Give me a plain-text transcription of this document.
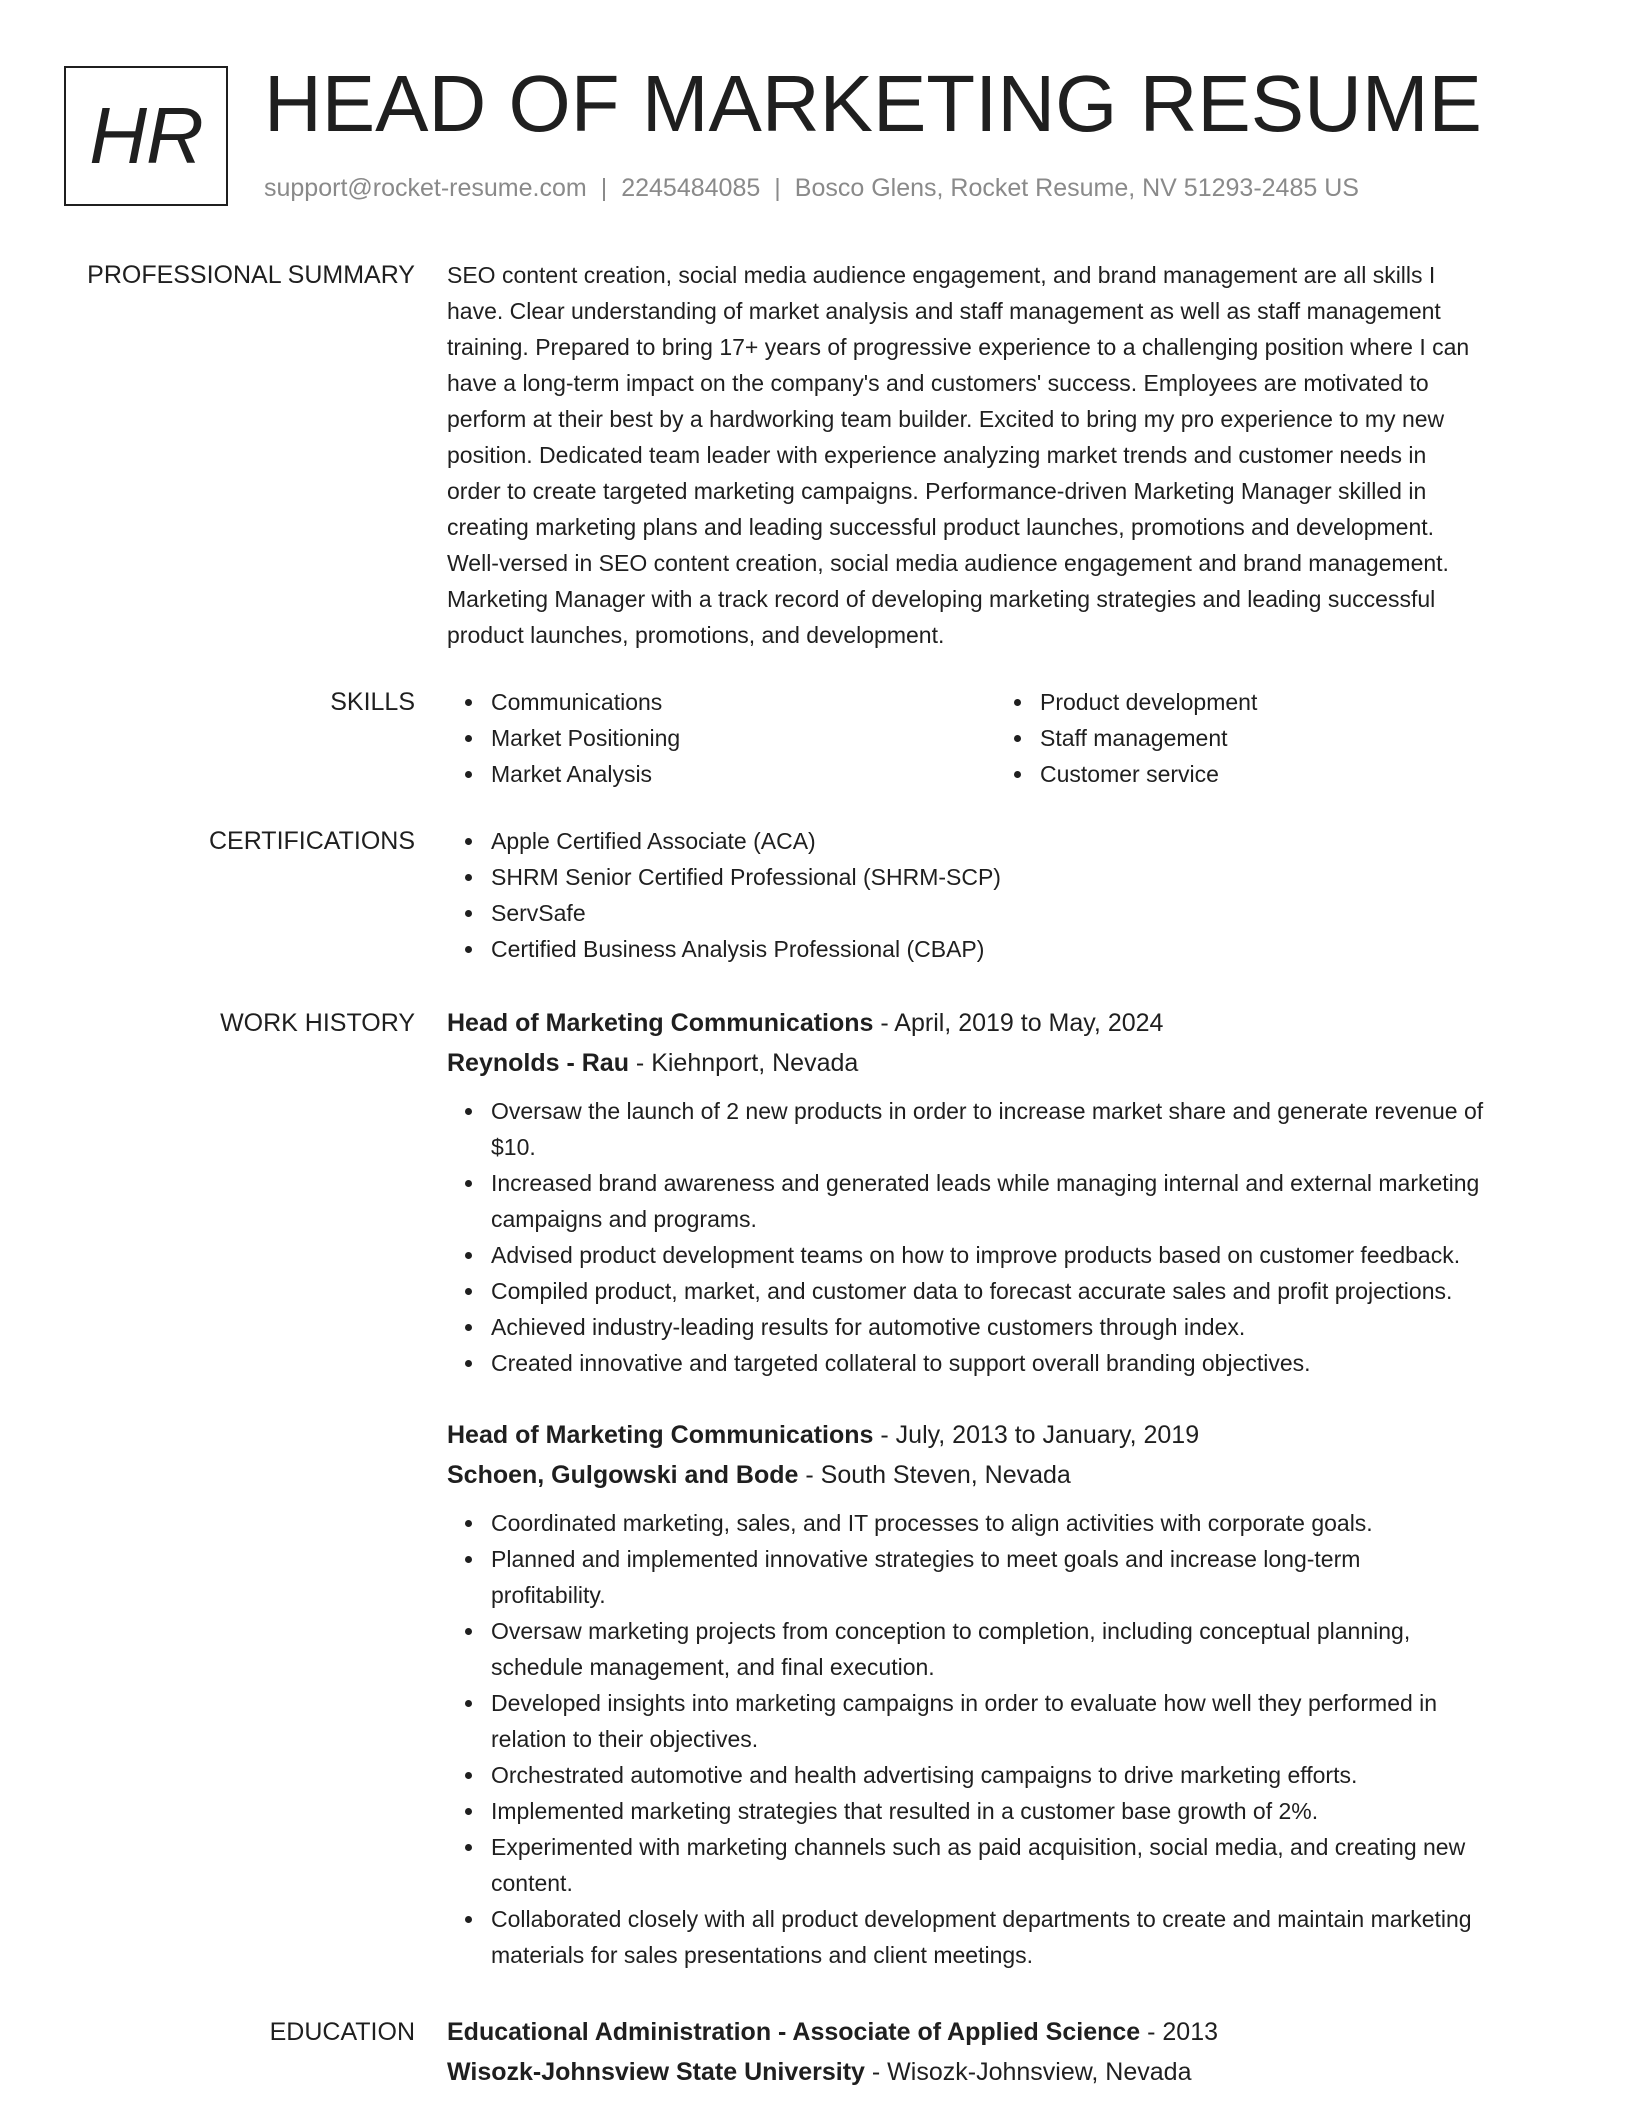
HR HEAD OF MARKETING RESUME
support@rocket-resume.com | 2245484085 | Bosco Glens, Rocket Resume, NV 51293-2485 US
PROFESSIONAL SUMMARY SEO content creation, social media audience engagement, and brand management are all skills I
have. Clear understanding of market analysis and staff management as well as staff management
training. Prepared to bring 17+ years of progressive experience to a challenging position where I can
have a long-term impact on the company's and customers' success. Employees are motivated to
perform at their best by a hardworking team builder. Excited to bring my pro experience to my new
position. Dedicated team leader with experience analyzing market trends and customer needs in
order to create targeted marketing campaigns. Performance-driven Marketing Manager skilled in
creating marketing plans and leading successful product launches, promotions and development.
Well-versed in SEO content creation, social media audience engagement and brand management.
Marketing Manager with a track record of developing marketing strategies and leading successful
product launches, promotions, and development.
SKILLS	Communications
Market Positioning
Market Analysis
Product development
Staff management
Customer service
CERTIFICATIONS	Apple Certified Associate (ACA)
SHRM Senior Certified Professional (SHRM-SCP)
ServSafe
Certified Business Analysis Professional (CBAP)
WORK HISTORY Head of Marketing Communications - April, 2019 to May, 2024
Reynolds - Rau - Kiehnport, Nevada
Oversaw the launch of 2 new products in order to increase market share and generate revenue of
$10.
Increased brand awareness and generated leads while managing internal and external marketing
campaigns and programs.
Advised product development teams on how to improve products based on customer feedback.
Compiled product, market, and customer data to forecast accurate sales and profit projections.
Achieved industry-leading results for automotive customers through index.
Created innovative and targeted collateral to support overall branding objectives.
Head of Marketing Communications - July, 2013 to January, 2019
Schoen, Gulgowski and Bode - South Steven, Nevada
Coordinated marketing, sales, and IT processes to align activities with corporate goals.
Planned and implemented innovative strategies to meet goals and increase long-term
profitability.
Oversaw marketing projects from conception to completion, including conceptual planning,
schedule management, and final execution.
Developed insights into marketing campaigns in order to evaluate how well they performed in
relation to their objectives.
Orchestrated automotive and health advertising campaigns to drive marketing efforts.
Implemented marketing strategies that resulted in a customer base growth of 2%.
Experimented with marketing channels such as paid acquisition, social media, and creating new
content.
Collaborated closely with all product development departments to create and maintain marketing
materials for sales presentations and client meetings.
EDUCATION Educational Administration - Associate of Applied Science - 2013
Wisozk-Johnsview State University - Wisozk-Johnsview, Nevada
